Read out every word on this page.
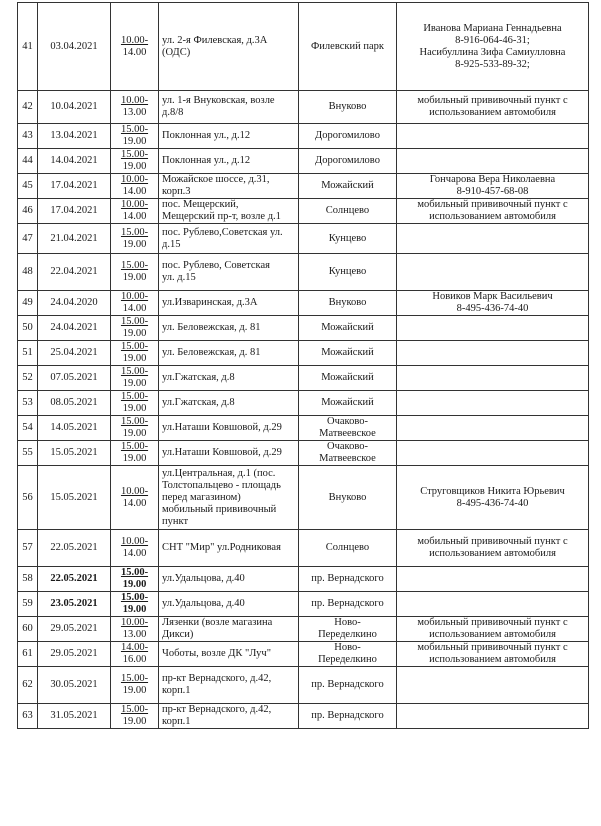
41	03.04.2021	10.00-
14.00	ул. 2-я Филевская, д.3А
(ОДС)	Филевский парк	Иванова Мариана Геннадьевна
8-916-064-46-31;
Насибуллина Зифа Самиулловна
8-925-533-89-32;

42	10.04.2021	10.00-
13.00	ул. 1-я Внуковская, возле
д.8/8	Внуково	мобильный прививочный пункт с
использованием автомобиля

43	13.04.2021	15.00-
19.00	Поклонная ул., д.12	Дорогомилово	

44	14.04.2021	15.00-
19.00	Поклонная ул., д.12	Дорогомилово	

45	17.04.2021	10.00-
14.00	Можайское шоссе, д.31,
корп.3	Можайский	Гончарова Вера Николаевна
8-910-457-68-08

46	17.04.2021	10.00-
14.00	пос. Мещерский,
Мещерский пр-т, возле д.1	Солнцево	мобильный прививочный пункт с
использованием автомобиля

47	21.04.2021	15.00-
19.00	пос. Рублево,Советская ул.
д.15	Кунцево	

48	22.04.2021	15.00-
19.00	пос. Рублево, Советская
ул. д.15	Кунцево	

49	24.04.2020	10.00-
14.00	ул.Изваринская, д.3А	Внуково	Новиков Марк Васильевич
8-495-436-74-40

50	24.04.2021	15.00-
19.00	ул. Беловежская, д. 81	Можайский	

51	25.04.2021	15.00-
19.00	ул. Беловежская, д. 81	Можайский	

52	07.05.2021	15.00-
19.00	ул.Гжатская, д.8	Можайский	

53	08.05.2021	15.00-
19.00	ул.Гжатская, д.8	Можайский	

54	14.05.2021	15.00-
19.00	ул.Наташи Ковшовой, д.29	Очаково-
Матвеевское	

55	15.05.2021	15.00-
19.00	ул.Наташи Ковшовой, д.29	Очаково-
Матвеевское	

56	15.05.2021	10.00-
14.00	ул.Центральная, д.1 (пос.
Толстопальцево - площадь
перед магазином)
мобильный прививочный
пункт	Внуково	Струговщиков Никита Юрьевич
8-495-436-74-40

57	22.05.2021	10.00-
14.00	СНТ "Мир" ул.Родниковая	Солнцево	мобильный прививочный пункт с
использованием автомобиля

58	22.05.2021	15.00-
19.00	ул.Удальцова, д.40	пр. Вернадского	

59	23.05.2021	15.00-
19.00	ул.Удальцова, д.40	пр. Вернадского	

60	29.05.2021	10.00-
13.00	Лязенки (возле магазина
Дикси)	Ново-
Переделкино	мобильный прививочный пункт с
использованием автомобиля

61	29.05.2021	14.00-
16.00	Чоботы, возле ДК "Луч"	Ново-
Переделкино	мобильный прививочный пункт с
использованием автомобиля

62	30.05.2021	15.00-
19.00	пр-кт Вернадского, д.42,
корп.1	пр. Вернадского	

63	31.05.2021	15.00-
19.00	пр-кт Вернадского, д.42,
корп.1	пр. Вернадского	
